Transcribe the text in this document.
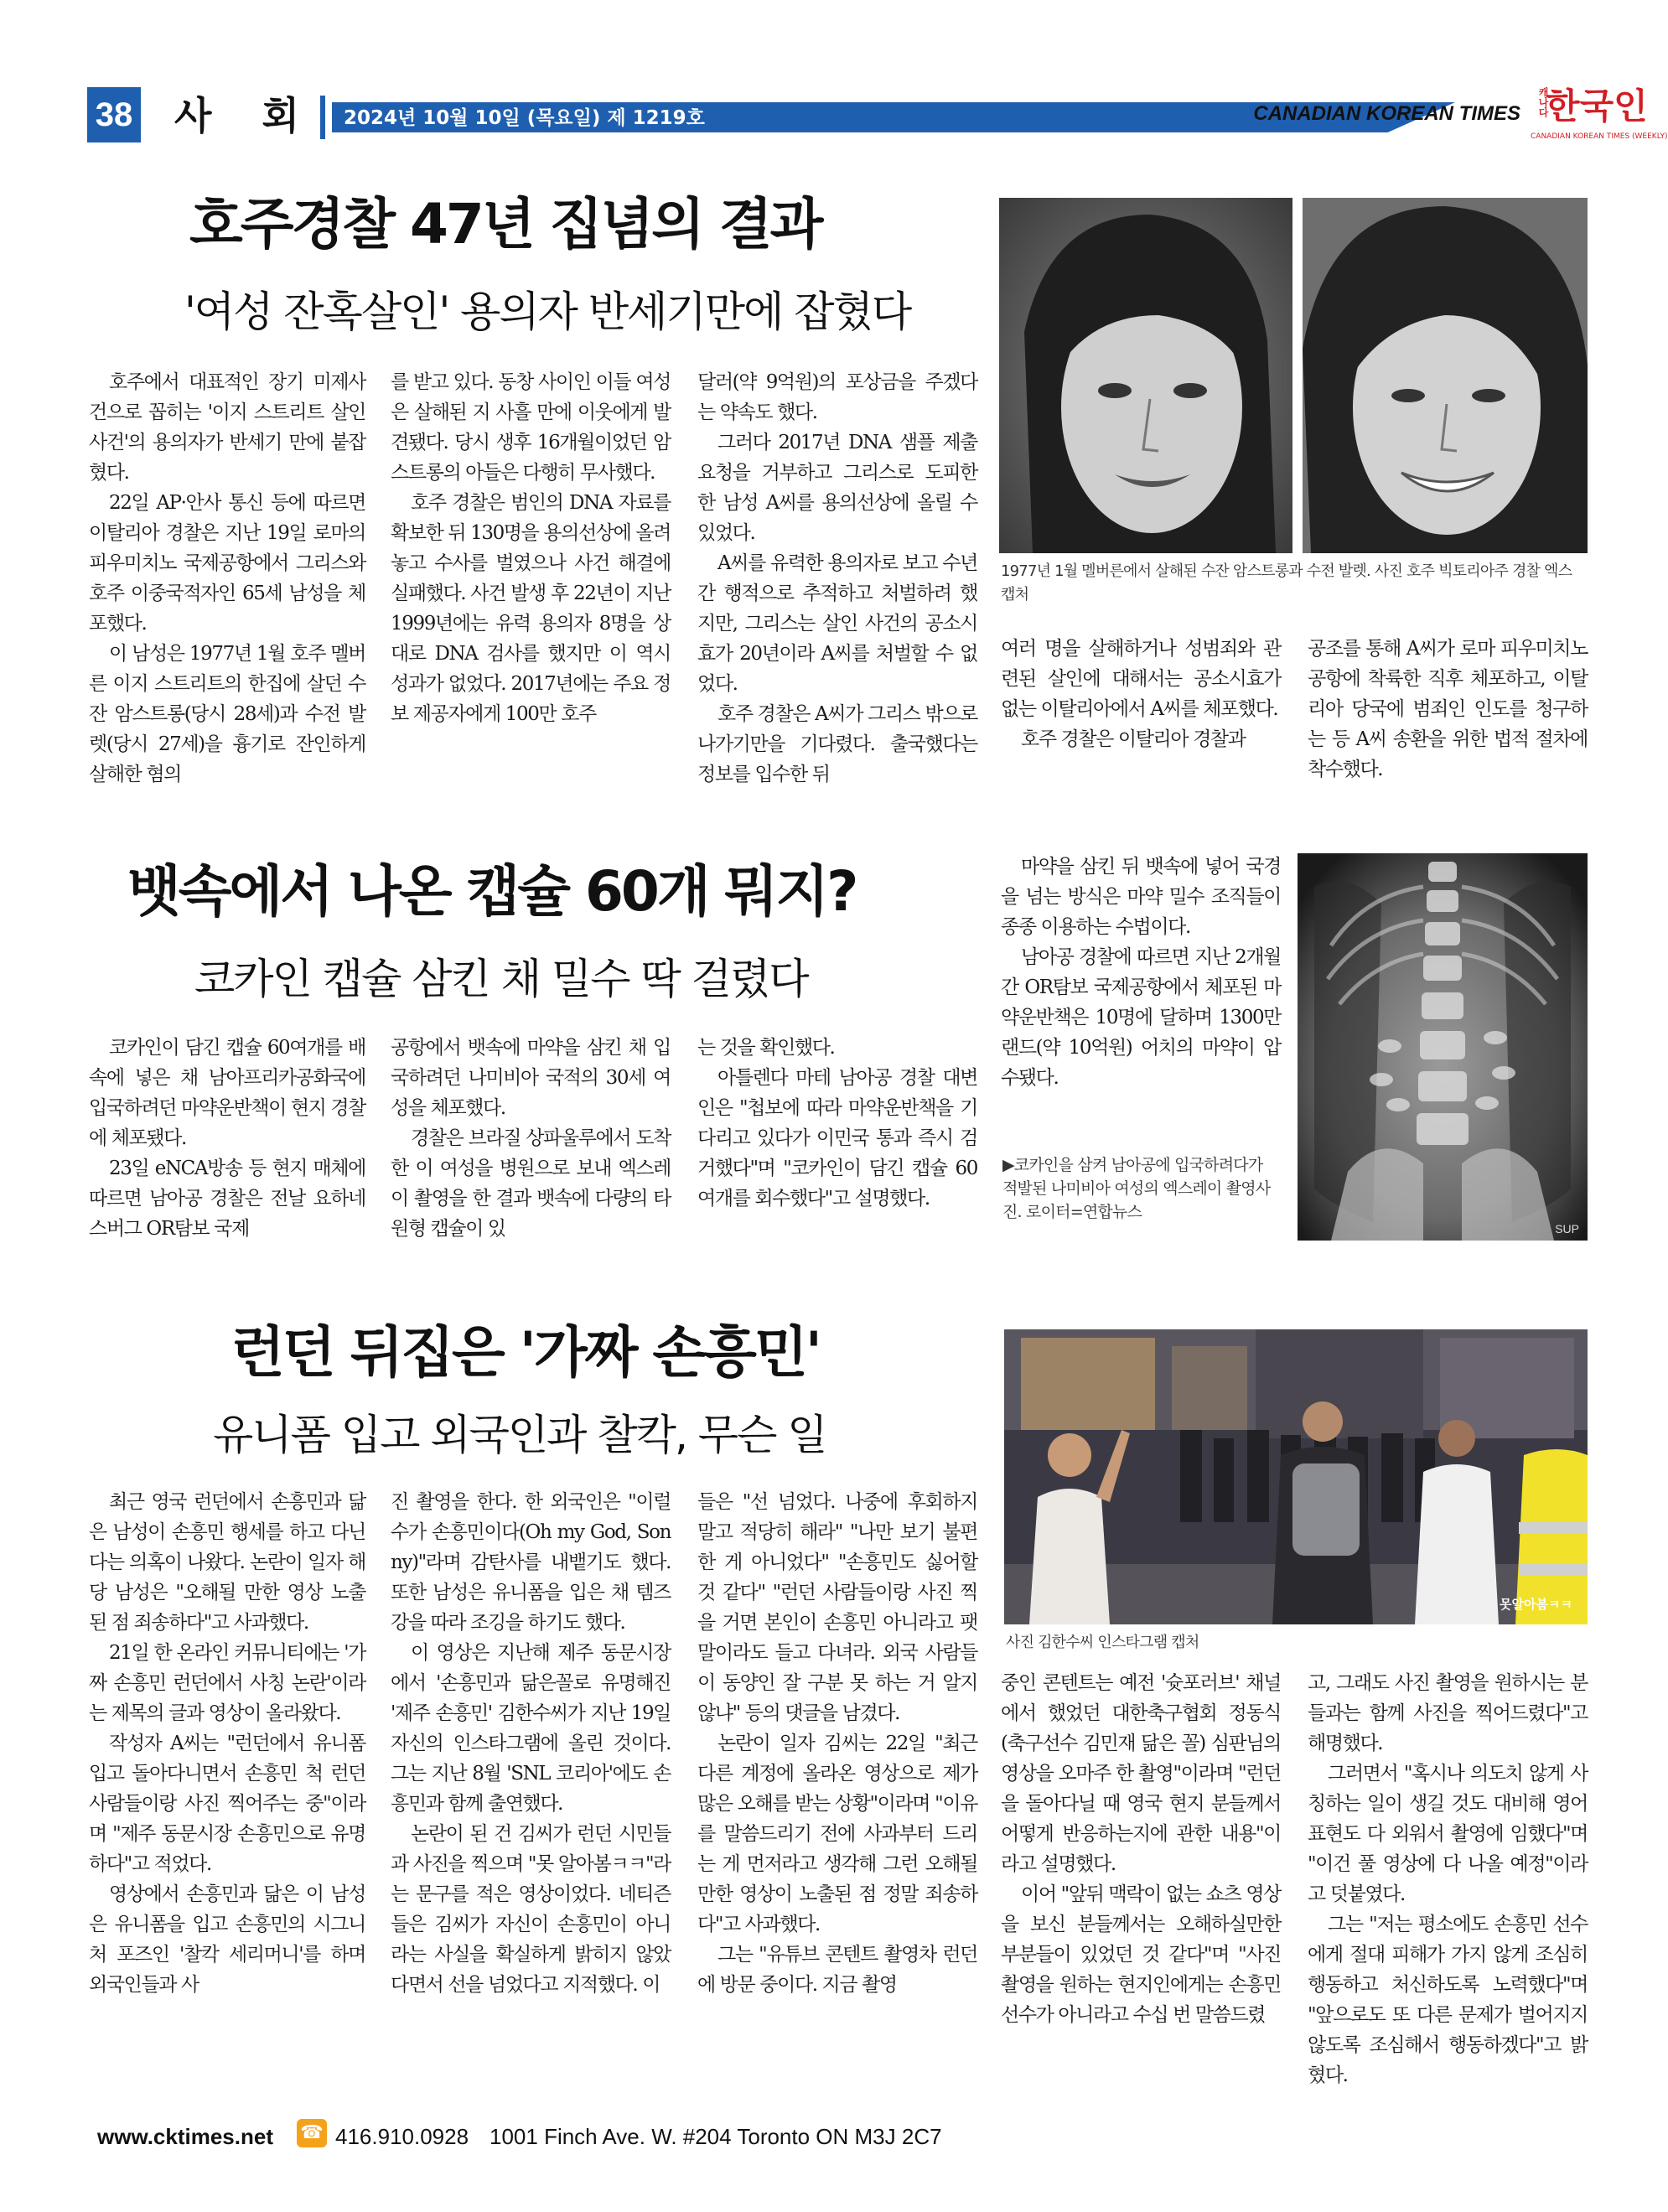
38 사 회 2024년 10월 10일 (목요일) 제 1219호	CANADIAN KOREAN TIMES	캐나다
한국인
CANADIAN KOREAN TIMES (WEEKLY)
호주경찰 47년 집념의 결과
'여성 잔혹살인' 용의자 반세기만에 잡혔다

호주에서 대표적인 장기 미제사건으로 꼽히는 '이지 스트리트 살인 사건'의 용의자가 반세기 만에 붙잡혔다.

22일 AP·안사 통신 등에 따르면 이탈리아 경찰은 지난 19일 로마의 피우미치노 국제공항에서 그리스와 호주 이중국적자인 65세 남성을 체포했다.

이 남성은 1977년 1월 호주 멜버른 이지 스트리트의 한집에 살던 수잔 암스트롱(당시 28세)과 수전 발렛(당시 27세)을 흉기로 잔인하게 살해한 혐의

를 받고 있다. 동창 사이인 이들 여성은 살해된 지 사흘 만에 이웃에게 발견됐다. 당시 생후 16개월이었던 암스트롱의 아들은 다행히 무사했다.

호주 경찰은 범인의 DNA 자료를 확보한 뒤 130명을 용의선상에 올려놓고 수사를 벌였으나 사건 해결에 실패했다. 사건 발생 후 22년이 지난 1999년에는 유력 용의자 8명을 상대로 DNA 검사를 했지만 이 역시 성과가 없었다. 2017년에는 주요 정보 제공자에게 100만 호주

달러(약 9억원)의 포상금을 주겠다는 약속도 했다.

그러다 2017년 DNA 샘플 제출 요청을 거부하고 그리스로 도피한 한 남성 A씨를 용의선상에 올릴 수 있었다.

A씨를 유력한 용의자로 보고 수년간 행적으로 추적하고 처벌하려 했지만, 그리스는 살인 사건의 공소시효가 20년이라 A씨를 처벌할 수 없었다.

호주 경찰은 A씨가 그리스 밖으로 나가기만을 기다렸다. 출국했다는 정보를 입수한 뒤

1977년 1월 멜버른에서 살해된 수잔 암스트롱과 수전 발렛. 사진 호주 빅토리아주 경찰 엑스 캡처

여러 명을 살해하거나 성범죄와 관련된 살인에 대해서는 공소시효가 없는 이탈리아에서 A씨를 체포했다.

호주 경찰은 이탈리아 경찰과

공조를 통해 A씨가 로마 피우미치노 공항에 착륙한 직후 체포하고, 이탈리아 당국에 범죄인 인도를 청구하는 등 A씨 송환을 위한 법적 절차에 착수했다.

뱃속에서 나온 캡슐 60개 뭐지?
코카인 캡슐 삼킨 채 밀수 딱 걸렸다

코카인이 담긴 캡슐 60여개를 배 속에 넣은 채 남아프리카공화국에 입국하려던 마약운반책이 현지 경찰에 체포됐다.

23일 eNCA방송 등 현지 매체에 따르면 남아공 경찰은 전날 요하네스버그 OR탐보 국제

공항에서 뱃속에 마약을 삼킨 채 입국하려던 나미비아 국적의 30세 여성을 체포했다.

경찰은 브라질 상파울루에서 도착한 이 여성을 병원으로 보내 엑스레이 촬영을 한 결과 뱃속에 다량의 타원형 캡슐이 있

는 것을 확인했다.

아틀렌다 마테 남아공 경찰 대변인은 "첩보에 따라 마약운반책을 기다리고 있다가 이민국 통과 즉시 검거했다"며 "코카인이 담긴 캡슐 60여개를 회수했다"고 설명했다.

마약을 삼킨 뒤 뱃속에 넣어 국경을 넘는 방식은 마약 밀수 조직들이 종종 이용하는 수법이다.

남아공 경찰에 따르면 지난 2개월간 OR탐보 국제공항에서 체포된 마약운반책은 10명에 달하며 1300만 랜드(약 10억원) 어치의 마약이 압수됐다.

▶코카인을 삼켜 남아공에 입국하려다가 적발된 나미비아 여성의 엑스레이 촬영사진. 로이터=연합뉴스
SUP
런던 뒤집은 '가짜 손흥민'
유니폼 입고 외국인과 찰칵, 무슨 일

최근 영국 런던에서 손흥민과 닮은 남성이 손흥민 행세를 하고 다닌다는 의혹이 나왔다. 논란이 일자 해당 남성은 "오해될 만한 영상 노출된 점 죄송하다"고 사과했다.

21일 한 온라인 커뮤니티에는 '가짜 손흥민 런던에서 사칭 논란'이라는 제목의 글과 영상이 올라왔다.

작성자 A씨는 "런던에서 유니폼 입고 돌아다니면서 손흥민 척 런던사람들이랑 사진 찍어주는 중"이라며 "제주 동문시장 손흥민으로 유명하다"고 적었다.

영상에서 손흥민과 닮은 이 남성은 유니폼을 입고 손흥민의 시그니처 포즈인 '찰칵 세리머니'를 하며 외국인들과 사

진 촬영을 한다. 한 외국인은 "이럴 수가 손흥민이다(Oh my God, Sonny)"라며 감탄사를 내뱉기도 했다. 또한 남성은 유니폼을 입은 채 템즈강을 따라 조깅을 하기도 했다.

이 영상은 지난해 제주 동문시장에서 '손흥민과 닮은꼴로 유명해진 '제주 손흥민' 김한수씨가 지난 19일 자신의 인스타그램에 올린 것이다. 그는 지난 8월 'SNL 코리아'에도 손흥민과 함께 출연했다.

논란이 된 건 김씨가 런던 시민들과 사진을 찍으며 "못 알아봄ㅋㅋ"라는 문구를 적은 영상이었다. 네티즌들은 김씨가 자신이 손흥민이 아니라는 사실을 확실하게 밝히지 않았다면서 선을 넘었다고 지적했다. 이

들은 "선 넘었다. 나중에 후회하지 말고 적당히 해라" "나만 보기 불편한 게 아니었다" "손흥민도 싫어할 것 같다" "런던 사람들이랑 사진 찍을 거면 본인이 손흥민 아니라고 팻말이라도 들고 다녀라. 외국 사람들이 동양인 잘 구분 못 하는 거 알지 않냐" 등의 댓글을 남겼다.

논란이 일자 김씨는 22일 "최근 다른 계정에 올라온 영상으로 제가 많은 오해를 받는 상황"이라며 "이유를 말씀드리기 전에 사과부터 드리는 게 먼저라고 생각해 그런 오해될 만한 영상이 노출된 점 정말 죄송하다"고 사과했다.

그는 "유튜브 콘텐트 촬영차 런던에 방문 중이다. 지금 촬영

못알아봄ㅋㅋ
사진 김한수씨 인스타그램 캡처

중인 콘텐트는 예전 '슛포러브' 채널에서 했었던 대한축구협회 정동식(축구선수 김민재 닮은 꼴) 심판님의 영상을 오마주 한 촬영"이라며 "런던을 돌아다닐 때 영국 현지 분들께서 어떻게 반응하는지에 관한 내용"이라고 설명했다.

이어 "앞뒤 맥락이 없는 쇼츠 영상을 보신 분들께서는 오해하실만한 부분들이 있었던 것 같다"며 "사진 촬영을 원하는 현지인에게는 손흥민 선수가 아니라고 수십 번 말씀드렸

고, 그래도 사진 촬영을 원하시는 분들과는 함께 사진을 찍어드렸다"고 해명했다.

그러면서 "혹시나 의도치 않게 사칭하는 일이 생길 것도 대비해 영어 표현도 다 외워서 촬영에 임했다"며 "이건 풀 영상에 다 나올 예정"이라고 덧붙였다.

그는 "저는 평소에도 손흥민 선수에게 절대 피해가 가지 않게 조심히 행동하고 처신하도록 노력했다"며 "앞으로도 또 다른 문제가 벌어지지 않도록 조심해서 행동하겠다"고 밝혔다.

www.cktimes.net ☎ 416.910.0928 1001 Finch Ave. W. #204 Toronto ON M3J 2C7
